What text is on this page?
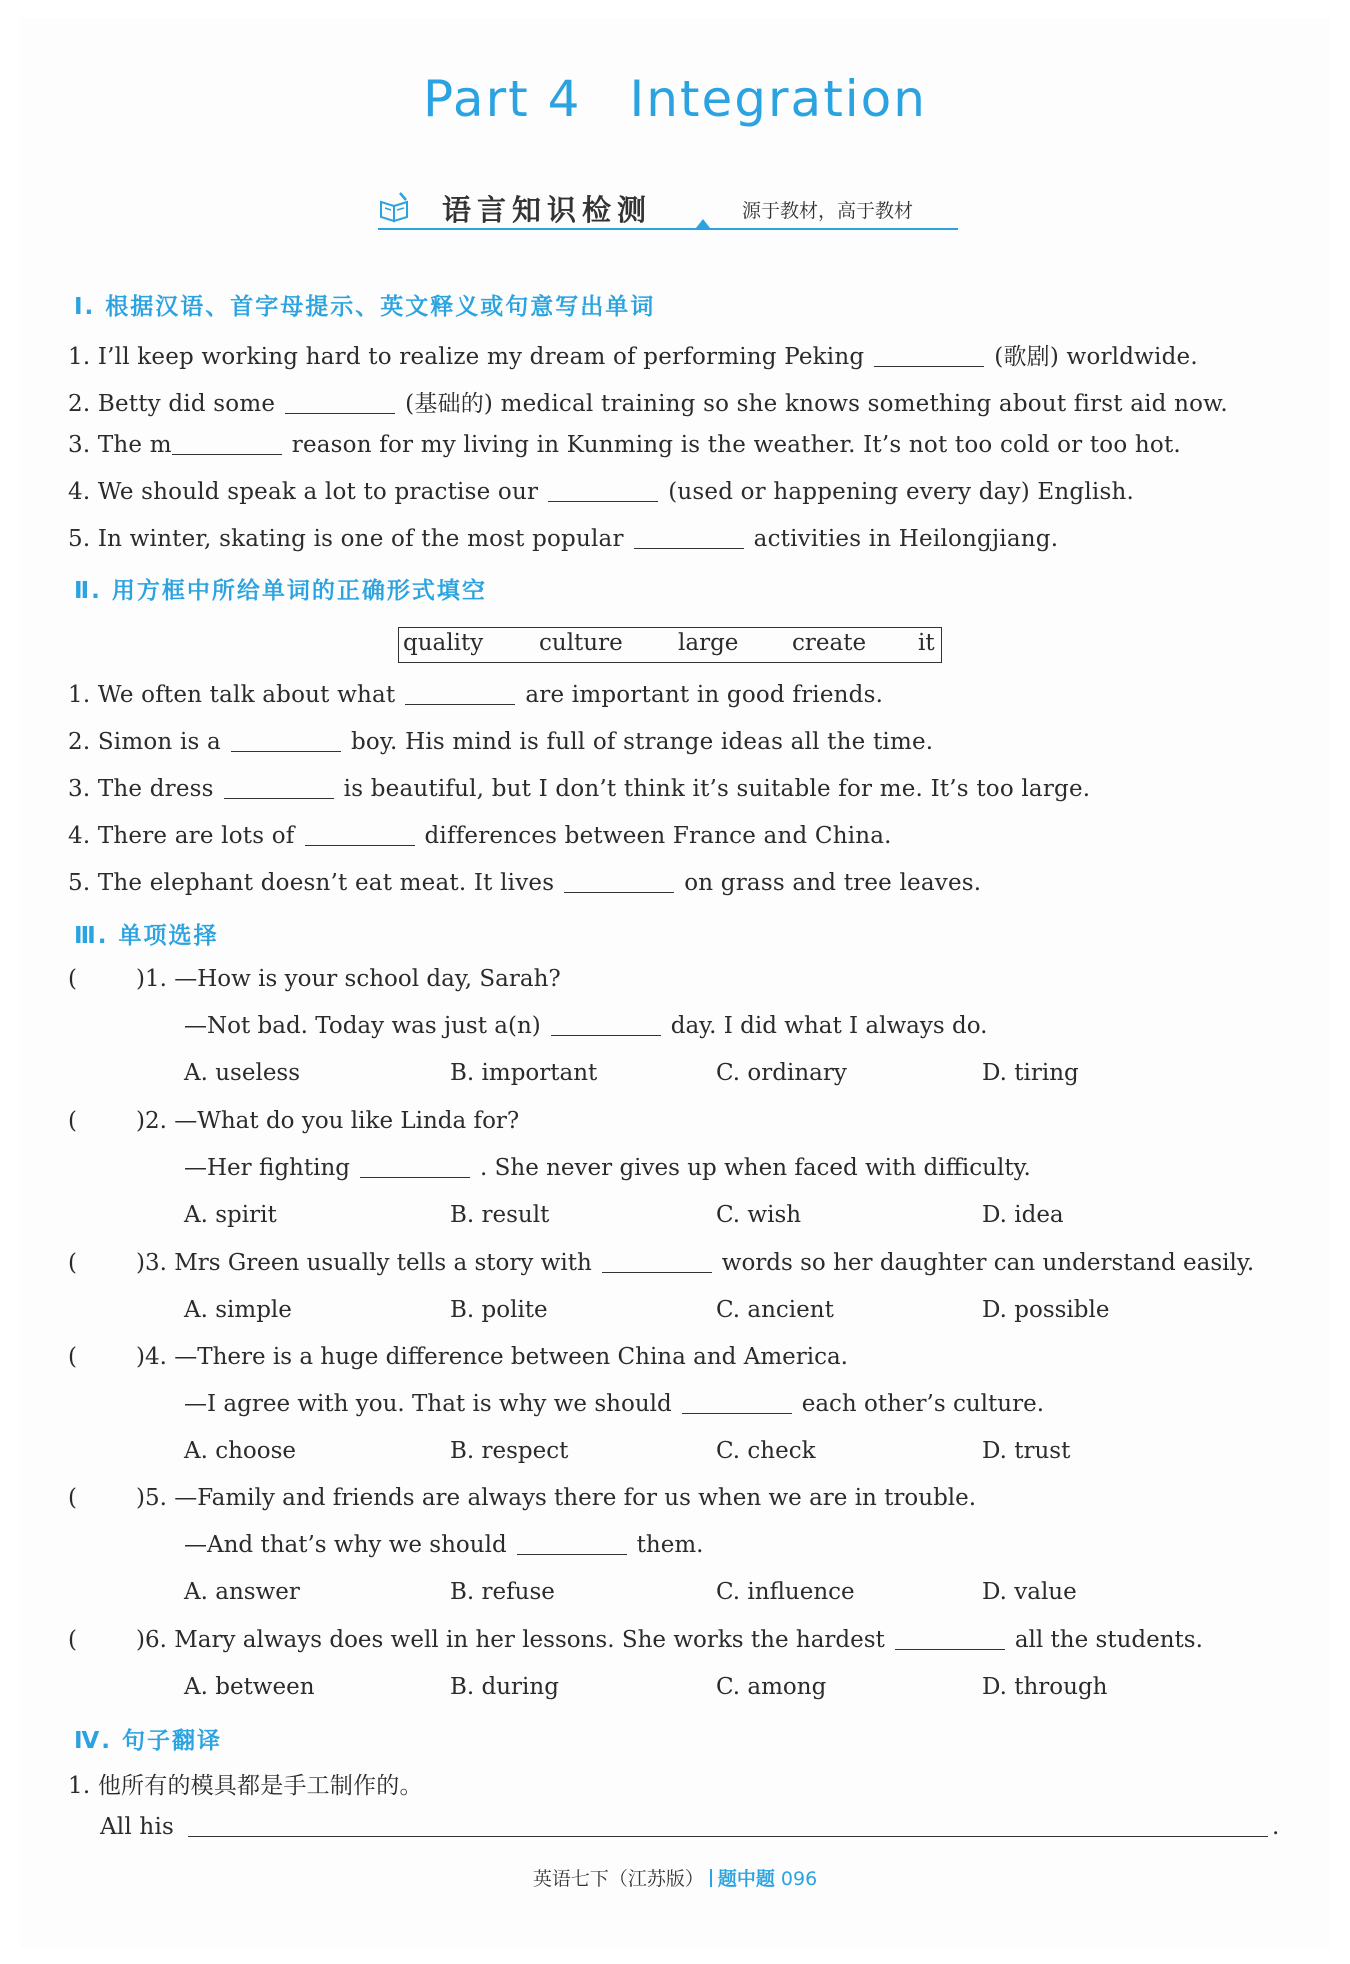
Part 4 Integration
语言知识检测	源于教材，高于教材
Ⅰ. 根据汉语、首字母提示、英文释义或句意写出单词
1. I’ll keep working hard to realize my dream of performing Peking	(歌剧) worldwide.
2. Betty did some	(基础的) medical training so she knows something about first aid now.
3. The m	reason for my living in Kunming is the weather. It’s not too cold or too hot.
4. We should speak a lot to practise our	(used or happening every day) English.
5. In winter, skating is one of the most popular	activities in Heilongjiang.
Ⅱ. 用方框中所给单词的正确形式填空
quality culture large create it
1. We often talk about what	are important in good friends.
2. Simon is a	boy. His mind is full of strange ideas all the time.
3. The dress	is beautiful, but I don’t think it’s suitable for me. It’s too large.
4. There are lots of	differences between France and China.
5. The elephant doesn’t eat meat. It lives	on grass and tree leaves.
Ⅲ. 单项选择
(	)1. —How is your school day, Sarah?
—Not bad. Today was just a(n)	day. I did what I always do.
A. useless	B. important	C. ordinary	D. tiring
(	)2. —What do you like Linda for?
—Her fighting	. She never gives up when faced with difficulty.
A. spirit	B. result	C. wish	D. idea
(	)3. Mrs Green usually tells a story with	words so her daughter can understand easily.
A. simple	B. polite	C. ancient	D. possible
(	)4. —There is a huge difference between China and America.
—I agree with you. That is why we should	each other’s culture.
A. choose	B. respect	C. check	D. trust
(	)5. —Family and friends are always there for us when we are in trouble.
—And that’s why we should	them.
A. answer	B. refuse	C. influence	D. value
(	)6. Mary always does well in her lessons. She works the hardest	all the students.
A. between	B. during	C. among	D. through
Ⅳ. 句子翻译
1. 他所有的模具都是手工制作的。
All his	.
英语七下（江苏版） 题中题 096
